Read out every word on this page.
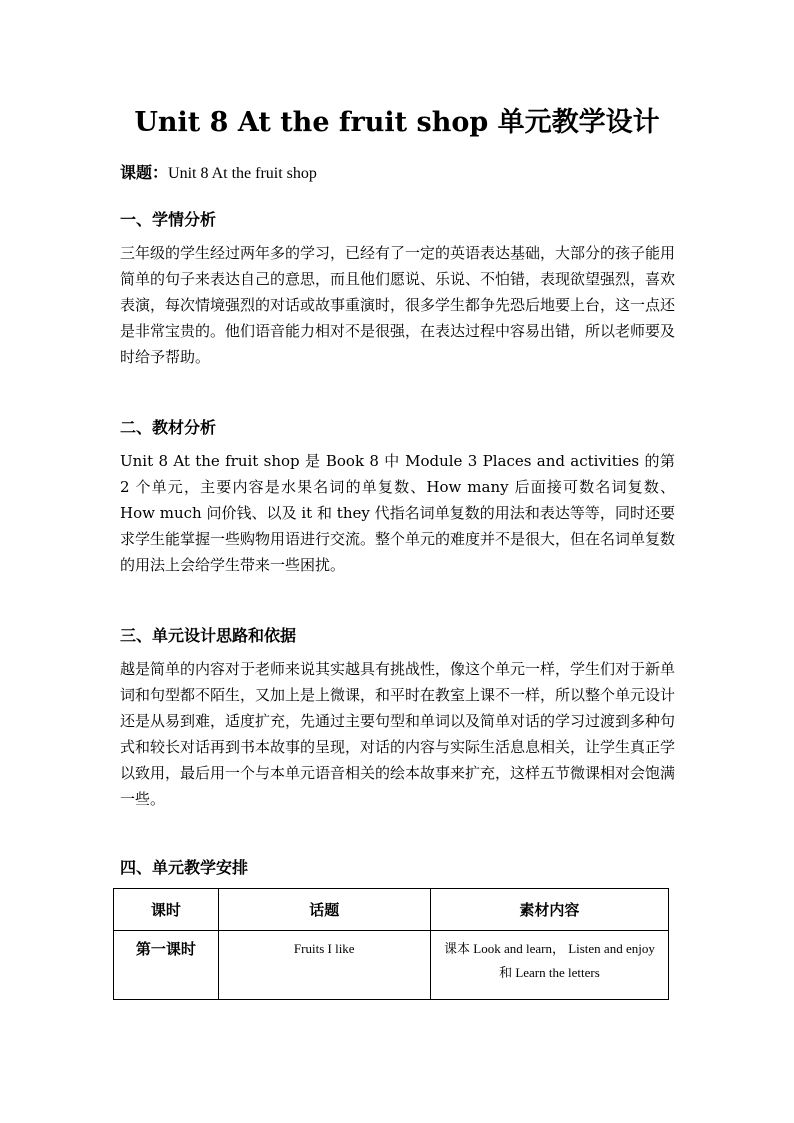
Unit 8 At the fruit shop 单元教学设计
课题：Unit 8 At the fruit shop
一、学情分析
三年级的学生经过两年多的学习，已经有了一定的英语表达基础，大部分的孩子能用简单的句子来表达自己的意思，而且他们愿说、乐说、不怕错，表现欲望强烈，喜欢表演，每次情境强烈的对话或故事重演时，很多学生都争先恐后地要上台，这一点还是非常宝贵的。他们语音能力相对不是很强，在表达过程中容易出错，所以老师要及时给予帮助。
二、教材分析
Unit 8 At the fruit shop 是 Book 8 中 Module 3 Places and activities 的第 2 个单元，主要内容是水果名词的单复数、How many 后面接可数名词复数、How much 问价钱、以及 it 和 they 代指名词单复数的用法和表达等等，同时还要求学生能掌握一些购物用语进行交流。整个单元的难度并不是很大，但在名词单复数的用法上会给学生带来一些困扰。
三、单元设计思路和依据
越是简单的内容对于老师来说其实越具有挑战性，像这个单元一样，学生们对于新单词和句型都不陌生，又加上是上微课，和平时在教室上课不一样，所以整个单元设计还是从易到难，适度扩充，先通过主要句型和单词以及简单对话的学习过渡到多种句式和较长对话再到书本故事的呈现，对话的内容与实际生活息息相关，让学生真正学以致用，最后用一个与本单元语音相关的绘本故事来扩充，这样五节微课相对会饱满一些。
四、单元教学安排
课时	话题	素材内容
第一课时	Fruits I like	课本 Look and learn， Listen and enjoy 和 Learn the letters
